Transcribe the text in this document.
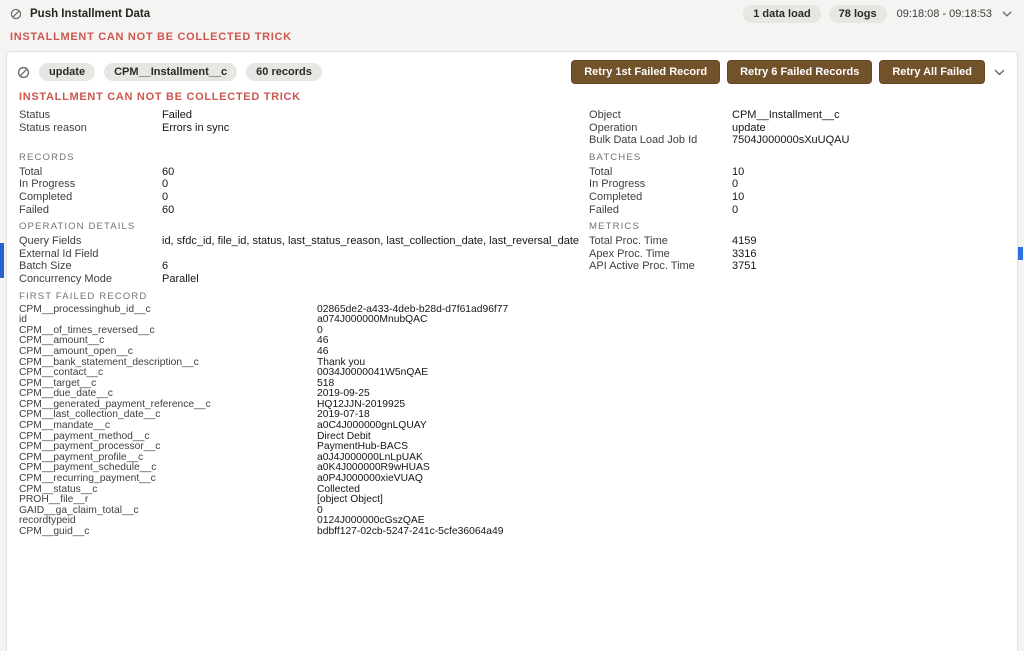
Push Installment Data	1 data load	78 logs	09:18:08 - 09:18:53
INSTALLMENT CAN NOT BE COLLECTED TRICK
update	CPM__Installment__c	60 records	Retry 1st Failed Record	Retry 6 Failed Records	Retry All Failed
INSTALLMENT CAN NOT BE COLLECTED TRICK
Status	Failed
Status reason	Errors in sync
Object	CPM__Installment__c
Operation	update
Bulk Data Load Job Id	7504J000000sXuUQAU
RECORDS
Total	60
In Progress	0
Completed	0
Failed	60
BATCHES
Total	10
In Progress	0
Completed	10
Failed	0
OPERATION DETAILS
Query Fields	id, sfdc_id, file_id, status, last_status_reason, last_collection_date, last_reversal_date
External Id Field
Batch Size	6
Concurrency Mode	Parallel
METRICS
Total Proc. Time	4159
Apex Proc. Time	3316
API Active Proc. Time	3751
FIRST FAILED RECORD
CPM__processinghub_id__c	02865de2-a433-4deb-b28d-d7f61ad96f77
id	a074J000000MnubQAC
CPM__of_times_reversed__c	0
CPM__amount__c	46
CPM__amount_open__c	46
CPM__bank_statement_description__c	Thank you
CPM__contact__c	0034J0000041W5nQAE
CPM__target__c	518
CPM__due_date__c	2019-09-25
CPM__generated_payment_reference__c	HQ12JJN-2019925
CPM__last_collection_date__c	2019-07-18
CPM__mandate__c	a0C4J000000gnLQUAY
CPM__payment_method__c	Direct Debit
CPM__payment_processor__c	PaymentHub-BACS
CPM__payment_profile__c	a0J4J000000LnLpUAK
CPM__payment_schedule__c	a0K4J000000R9wHUAS
CPM__recurring_payment__c	a0P4J000000xieVUAQ
CPM__status__c	Collected
PROH__file__r	[object Object]
GAID__ga_claim_total__c	0
recordtypeid	0124J000000cGszQAE
CPM__guid__c	bdbff127-02cb-5247-241c-5cfe36064a49
